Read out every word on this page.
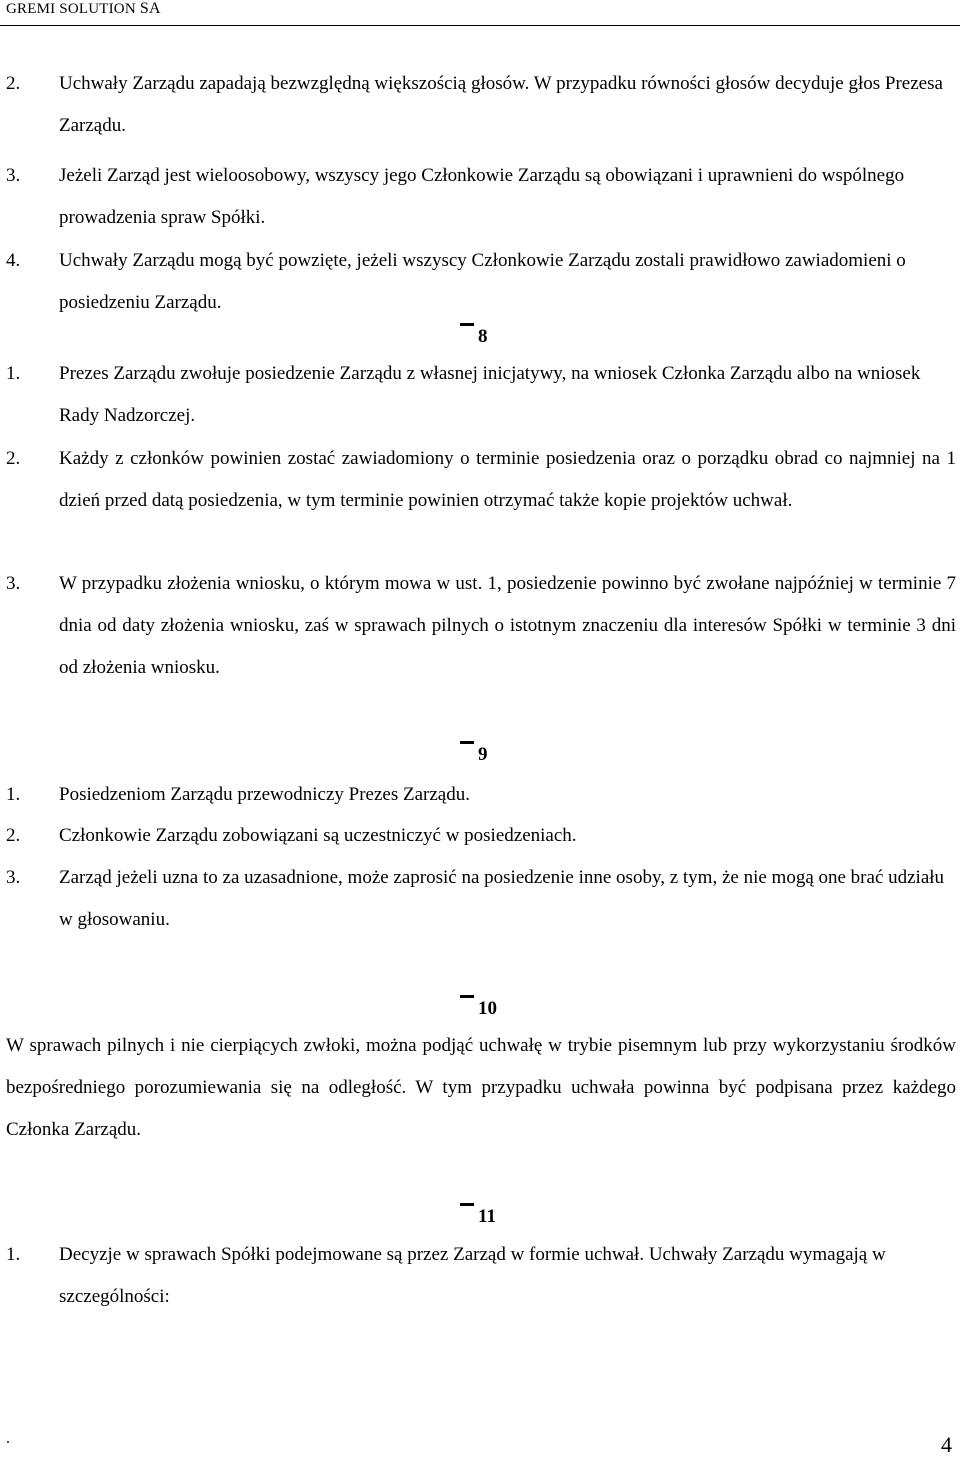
GREMI SOLUTION SA
2. Uchwały Zarządu zapadają bezwzględną większością głosów. W przypadku równości głosów decyduje głos Prezesa Zarządu.
3. Jeżeli Zarząd jest wieloosobowy, wszyscy jego Członkowie Zarządu są obowiązani i uprawnieni do wspólnego prowadzenia spraw Spółki.
4. Uchwały Zarządu mogą być powzięte, jeżeli wszyscy Członkowie Zarządu zostali prawidłowo zawiadomieni o posiedzeniu Zarządu.
8
1. Prezes Zarządu zwołuje posiedzenie Zarządu z własnej inicjatywy, na wniosek Członka Zarządu albo na wniosek Rady Nadzorczej.
2. Każdy z członków powinien zostać zawiadomiony o terminie posiedzenia oraz o porządku obrad co najmniej na 1 dzień przed datą posiedzenia, w tym terminie powinien otrzymać także kopie projektów uchwał.
3. W przypadku złożenia wniosku, o którym mowa w ust. 1, posiedzenie powinno być zwołane najpóźniej w terminie 7 dnia od daty złożenia wniosku, zaś w sprawach pilnych o istotnym znaczeniu dla interesów Spółki w terminie 3 dni od złożenia wniosku.
9
1. Posiedzeniom Zarządu przewodniczy Prezes Zarządu.
2. Członkowie Zarządu zobowiązani są uczestniczyć w posiedzeniach.
3. Zarząd jeżeli uzna to za uzasadnione, może zaprosić na posiedzenie inne osoby, z tym, że nie mogą one brać udziału w głosowaniu.
10
W sprawach pilnych i nie cierpiących zwłoki, można podjąć uchwałę w trybie pisemnym lub przy wykorzystaniu środków bezpośredniego porozumiewania się na odległość. W tym przypadku uchwała powinna być podpisana przez każdego Członka Zarządu.
11
1. Decyzje w sprawach Spółki podejmowane są przez Zarząd w formie uchwał. Uchwały Zarządu wymagają w szczególności:
.	4
